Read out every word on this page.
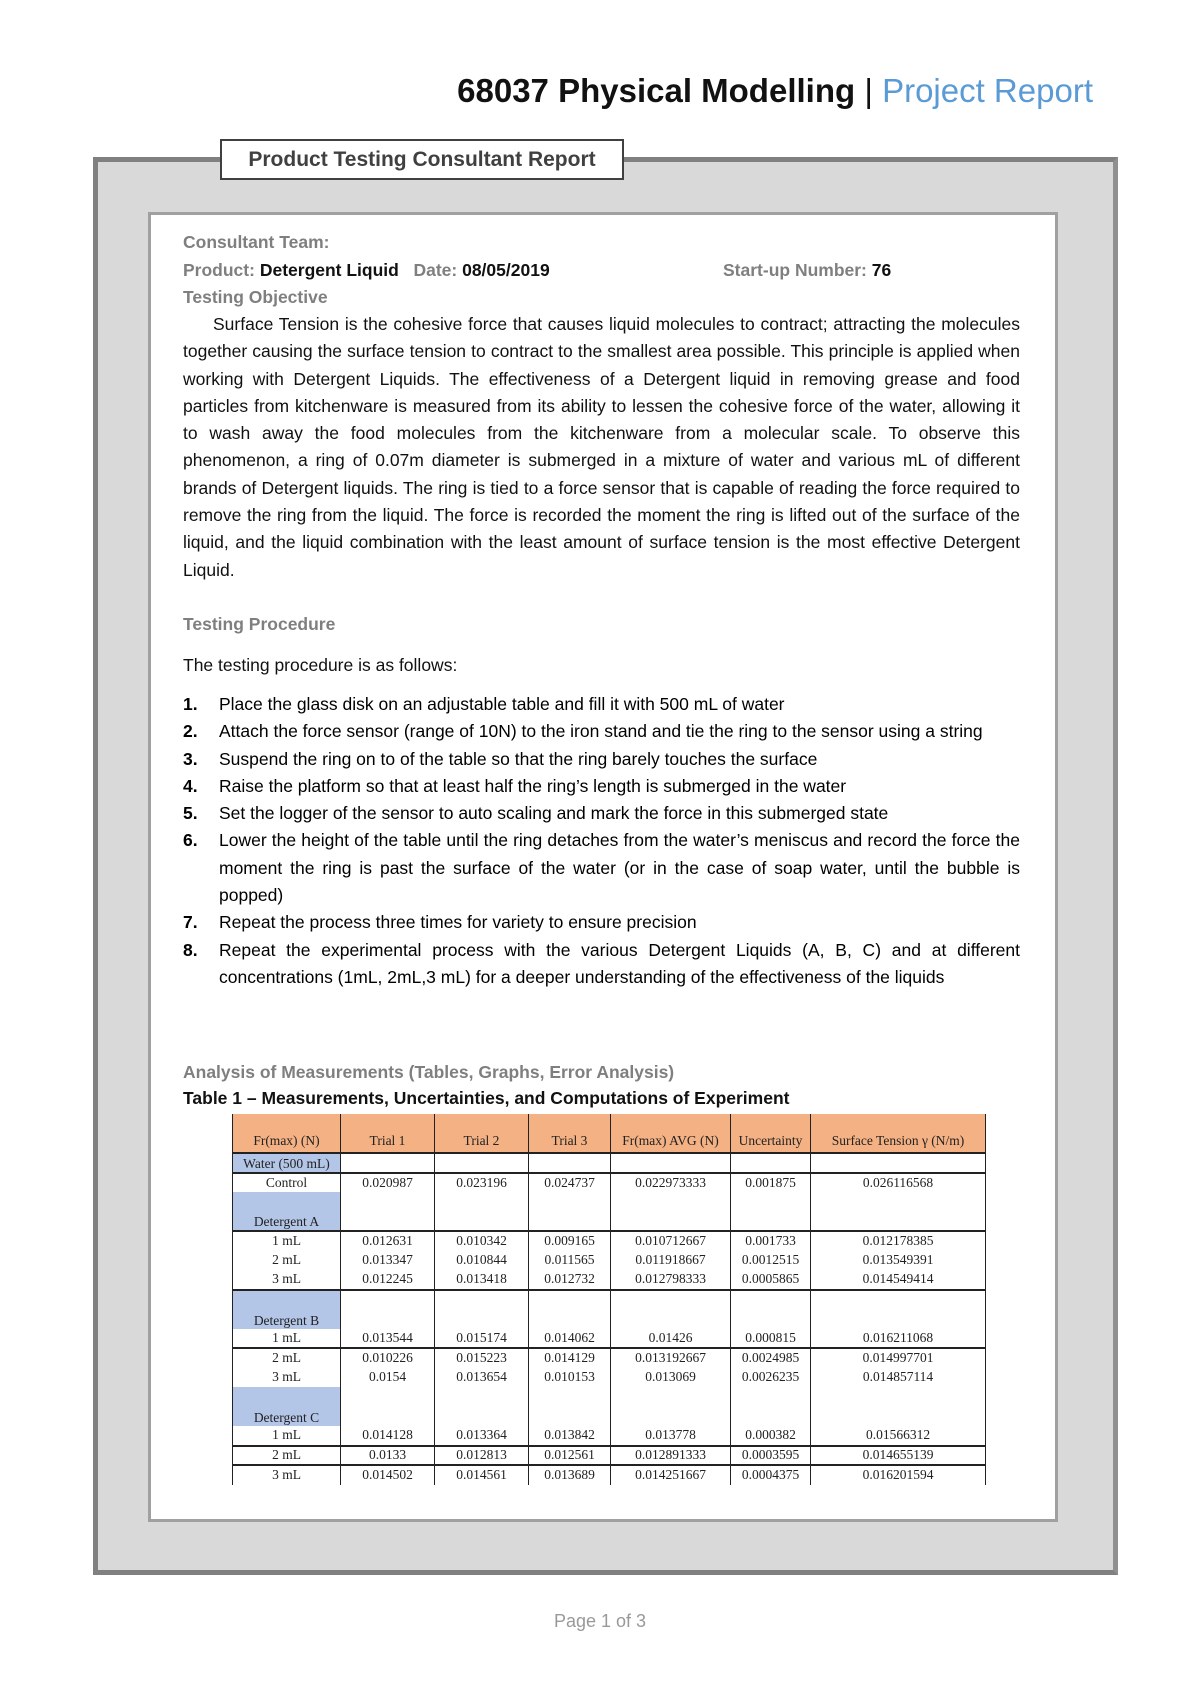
68037 Physical Modelling | Project Report
Product Testing Consultant Report
Consultant Team:
Product: Detergent Liquid Date: 08/05/2019	Start-up Number: 76
Testing Objective
Surface Tension is the cohesive force that causes liquid molecules to contract; attracting the molecules together causing the surface tension to contract to the smallest area possible. This principle is applied when working with Detergent Liquids. The effectiveness of a Detergent liquid in removing grease and food particles from kitchenware is measured from its ability to lessen the cohesive force of the water, allowing it to wash away the food molecules from the kitchenware from a molecular scale. To observe this phenomenon, a ring of 0.07m diameter is submerged in a mixture of water and various mL of different brands of Detergent liquids. The ring is tied to a force sensor that is capable of reading the force required to remove the ring from the liquid. The force is recorded the moment the ring is lifted out of the surface of the liquid, and the liquid combination with the least amount of surface tension is the most effective Detergent Liquid.
Testing Procedure
The testing procedure is as follows:
1.	Place the glass disk on an adjustable table and fill it with 500 mL of water
2.	Attach the force sensor (range of 10N) to the iron stand and tie the ring to the sensor using a string
3.	Suspend the ring on to of the table so that the ring barely touches the surface
4.	Raise the platform so that at least half the ring’s length is submerged in the water
5.	Set the logger of the sensor to auto scaling and mark the force in this submerged state
6.	Lower the height of the table until the ring detaches from the water’s meniscus and record the force the moment the ring is past the surface of the water (or in the case of soap water, until the bubble is popped)
7.	Repeat the process three times for variety to ensure precision
8.	Repeat the experimental process with the various Detergent Liquids (A, B, C) and at different concentrations (1mL, 2mL,3 mL) for a deeper understanding of the effectiveness of the liquids
Analysis of Measurements (Tables, Graphs, Error Analysis)
Table 1 – Measurements, Uncertainties, and Computations of Experiment
Fr(max) (N)	Trial 1	Trial 2	Trial 3	Fr(max) AVG (N)	Uncertainty	Surface Tension γ (N/m)
Water (500 mL)						
Control	0.020987	0.023196	0.024737	0.022973333	0.001875	0.026116568
Detergent A						
1 mL	0.012631	0.010342	0.009165	0.010712667	0.001733	0.012178385
2 mL	0.013347	0.010844	0.011565	0.011918667	0.0012515	0.013549391
3 mL	0.012245	0.013418	0.012732	0.012798333	0.0005865	0.014549414
Detergent B						
1 mL	0.013544	0.015174	0.014062	0.01426	0.000815	0.016211068
2 mL	0.010226	0.015223	0.014129	0.013192667	0.0024985	0.014997701
3 mL	0.0154	0.013654	0.010153	0.013069	0.0026235	0.014857114
Detergent C						
1 mL	0.014128	0.013364	0.013842	0.013778	0.000382	0.01566312
2 mL	0.0133	0.012813	0.012561	0.012891333	0.0003595	0.014655139
3 mL	0.014502	0.014561	0.013689	0.014251667	0.0004375	0.016201594
Page 1 of 3
